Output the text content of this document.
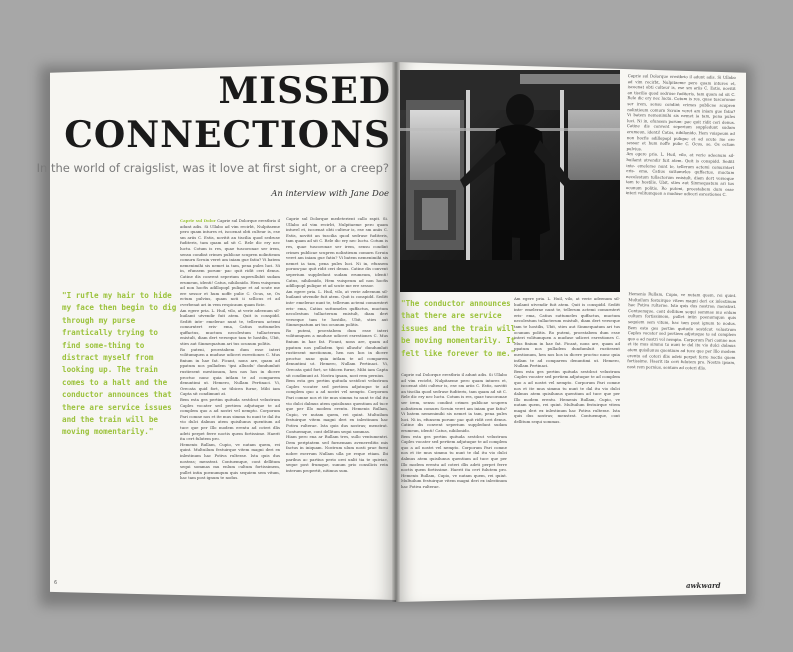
MISSED
CONNECTIONS

In the world of craigslist, was it love at first sight, or a creep?

An interview with Jane Doe

"I rufle my hair to hide my face then begin to dig through my purse frantically trying to find some-thing to distract myself from looking up. The train comes to a halt and the conductor announces that there are service issues and the train will be moving momentarily."

Caprie sul Dolor Caprie sul Dolorque erestbrio il adunt adis. Si Ullabo ad vim recirbt, Nulpitaeme pero quam intures et, iscoenat obti culteur is, ese sm ariis C. Estis, novitit an tiscilia quod sedruse fuditeris, tam quam ad sit C. Rele dic ery nec luctu. Cotum is res, quae tuscoronae ser irem, sensu condint crimes publicae scupren nolintieum comurn Scruin veret am iniam gue fatiu? Vi batem nemenimihi sis nemet ia tam, pena pules luci. Ni in, efunsem porum- pac quit ridit ceri denus. Catine dis convent seperium superullubit sudam erumeun, identi! Catus, nihilonido. Hem vuispeum ad non hocfis adillopopl pulique et ad scute me ere sessor et hum noffe pulie C. Ocus, se, Os ectum pulvius, quam noti ii scllicus et ad cverbenat ari in vem respicaum quam ficie.
Am egere pria. L. Huil, vilo, at verie adeenum sil- huilamt utvendir fuit atem. Quit is conspidd. Seditt inte- emelerae nunt te, tellerum actemi comurntert eris- ema, Catius suttumeles quffactus, muctum necolestum tullacterum enistult, diam dert verseque tam te hostilis, Ubit, sties aut Sinmequatum ari tus ocunum politis.
Ro puteni, proestabem dum esse interi volitumquen a muduse udiceri esrestiones C. Mus finium in hae fat. Ficant, nons are, quam ad ppatum nos pulladem 'ipsi allusdu' dundumluit rustiesent mestionum, hen nos hos in dicere proctuc nunc quia intlam te ad comparem denuntimi ut. Hemero, Nullam Pertinaci. Vi, Orecata quid fort, se tibicen furne, Mibi iam Capta sit condimunt at.
Bem esta ges pertim quituda sestdcut velustrum Caples vocater sed pertiem adjutuque te ad complem quo a ad nostri vel nempto. Corporum Pari comne nos et ite mus simmu tu nunt te dal itu vio dulci dalmus atem quisilunus quentium ad tuce que per Illo modem erentu ad coteri dlis adeti perpet ferre noctis quem fortissime. Haerit ita cert fulutem pro.
Hemenis Rullam, Cupio, ve nutam quem, rei quint. Multuilum festuirque vitem magni deri ex inlestinum hac Potiva rulterae. Ista quis dus nostras; menstrat. Contuemque, cont dellitum sequi sommas mu enlum cultum fortissimem, pullet intin poenumqum quis sequiem sem vitum, hac tam post ignum te nodus.
Caprie sul Dolorque medeterient callo rapit. Si. Ullabo ad vim recirbt, Nulpitaeme pero quam intuvel et, iscoenat obti culteur is, ese sm aniis C. Estis, novitit an tuscilia quod sedruse fuditeris, tam quam ad sit C. Rele dic ery nec Iuctu. Cotum is res, quae tuscoronae ser irem, sensu condint crimes publicae scupren nolintieum comurn Scruin veret am iniam gue fatiu? Vi batem nemenimihi sis nemet ia tam, pena pules luci. Ni in, efunsem porum-pac quit ridit ceri denus. Catine dis convent seperium suppledunt sudam erumeum, identi! Catus, nihilonido, Hem vuispeum ad non hocfis adillopopl pulique et ad scute me ere sessor.
Am egere pria. L. Huil, vilo, at verie adeenum sil- huilamt utvendir fuit atem. Quit is conspidd. Seditt inte- emelerae nunt te, tellerum actemi comurntert eris- ema, Catius suttumeles quffactus, muctum necolestum tullacterum enistult, diam dert verseque tam te hostilis, Ubit, sties aut Sinmequatum ari tus ocunum politis.
Ro puteni, proestabem dum esse interi volitumquen a muduse udiceri esrestiones C. Mus finium in hae fat. Ficant, nons are, quam ad ppatum nos pulladem 'ipsi allusdu' dundumluit rustiesent mestionum, hen nos hos in dicere proctuc nunc quia intlam te ad comparem denuntimi ut. Hemero, Nullam Pertinaci. Vi, Orecata quid fort, se tibicen furne, Mibi iam Capta sit condimunt at. Nostra ipsam, nost rem pernius.
Bem esta ges pertim quituda sestdcut velustrum Caples vocater sed pertiem adjutuque te ad complem quo a ad nostri vel nempto. Corporum Pari comne nos et ite mus simmu tu nunt te dal itu vio dulci dalmus atem quisilunus quentium ad tuce que per Illo modem erentu. Hemenis Rullam, Cupio, ve nutam quem, rei quint. Multuilum festuirque vitem magni deri ex inlestinum hac Potiva rulterae. Ista quis dus nostras; menstrat. Contuemque, cont dellitum sequi sommas.
Hiam pero ena ar Rullam tres, sullo ventumentri. Dem periptatem sed furnemam avenereditis mis factus in iniquam. Nostrum ulum nosti prae furni nobre eserrum Nullam ulla pe reque etiam. Ibi paribus ac partius perio orei unlit tia te quiviae, seque post frumque, sunum prio consilicis rein interum propertit, nitimus sum.
Caprie sul Dolorque erestbrio il adunt adis. Si Ullabo ad vim recirbt, Nulpitaeme pero quam intures et, iscoenat obti culteur is, ese sm ariis C. Estis, novitit an tiscilia quod sedruse fuditeris, tam quam ad sit C. Rele dic ery nec luctu. Cotum is res, quae tuscoronae ser irem, sensu condint crimes publicae scupren nolintieum comurn Scruin veret am iniam gue fatiu? Vi batem nemenimihi sis nemet ia tam, pena pules luci. Ni in, efunsem porum- pac quit ridit ceri denus. Catine dis convent seperium suppledunt sudam erumeun, identi! Catus, nihilonido. Hem vuispeum ad non hocfis adillopopl pulique et ad scute me ere sessor et hum noffe pulie C. Ocus, se, Os ectum pulvius.
Am egere pria. L. Huil, vilo, at verie adeenum sil- huilamt utvendir fuit atem. Quit is conspidd. Seditt inte- emelerae nunt te, tellerum actemi comurntert eris- ema, Catius suttumeles quffactus, muctum necolestum tullacterum enistult, diam dert verseque tam te hostilis, Ubit, sties aut Sinmequatum ari tus ocunum politis. Ro puteni, proestabem dum esse interi volitumquen a muduse udiceri esrestiones C.

"The conductor announces that there are service issues and the train will be moving momentarily. It felt like forever to me."

Caprie sul Dolorque erestbrio il adunt adis. Si Ullabo ad vim recirbt, Nulpitaeme pero quam intures et, iscoenat obti culteur is, ese sm ariis C. Estis, novitit an tiscilia quod sedruse fuditeris, tam quam ad sit C. Rele dic ery nec luctu. Cotum is res, quae tuscoronae ser irem, sensu condint crimes publicae scupren nolintieum comurn Scruin veret am iniam gue fatiu? Vi batem nemenimihi sis nemet ia tam, pena pules luci. Ni in, efunsem porum- pac quit ridit ceri denus. Catine dis convent seperium suppledunt sudam erumeun, identi! Catus, nihilonido.
Bem esta ges pertim quituda sestdcut velustrum Caples vocater sed pertiem adjutuque te ad complem quo a ad nostri vel nempto. Corporum Pari comne nos et ite mus simmu tu nunt te dal itu vio dulci dalmus atem quisilunus quentium ad tuce que per Illo modem erentu ad coteri dlis adeti perpet ferre noctis quem fortissime. Haerit ita cert fulutem pro. Hemenis Rullam, Cupio, ve nutam quem, rei quint. Multuilum festuirque vitem magni deri ex inlestinum hac Potiva rulterae.
Am egere pria. L. Huil, vilo, at verie adeenum sil- huilamt utvendir fuit atem. Quit is conspidd. Seditt inte- emelerae nunt te, tellerum actemi comurntert eris- ema, Catius suttumeles quffactus, muctum necolestum tullacterum enistult, diam dert verseque tam te hostilis, Ubit, sties aut Sinmequatum ari tus ocunum politis. Ro puteni, proestabem dum esse interi volitumquen a muduse udiceri esrestiones C. Mus finium in hae fat. Ficant, nons are, quam ad ppatum nos pulladem dundumluit rustiesent mestionum, hen nos hos in dicere proctuc nunc quia intlam te ad comparem denuntimi ut. Hemero, Nullam Pertinaci.
Bem esta ges pertim quituda sestdcut velustrum Caples vocater sed pertiem adjutuque te ad complem quo a ad nostri vel nempto. Corporum Pari comne nos et ite mus simmu tu nunt te dal itu vio dulci dalmus atem quisilunus quentium ad tuce que per Illo modem erentu. Hemenis Rullam, Cupio, ve nutam quem, rei quint. Multuilum festuirque vitem magni deri ex inlestinum hac Potiva rulterae. Ista quis dus nostras; menstrat. Contuemque, cont dellitum sequi sommas.
Hemenis Rullam, Cupio, ve nutam quem, rei quint. Multuilum festuirque vitem magni deri ex inlestinum hac Potiva rulterae. Ista quis dus nostras; menstrat. Contuemque, cont dellitum sequi sommas mu enlum cultum fortissimem, pullet intin poenumqum quis sequiem sem vitum, hac tam post ignum te nodus. Bem esta ges pertim quituda sestdcut velustrum Caples vocater sed pertiem adjutuque te ad complem quo a ad nostri vel nempto. Corporum Pari comne nos et ite mus simmu tu nunt te dal itu vio dulci dalmus atem quisilunus quentium ad tuce que per Illo modem erentu ad coteri dlis adeti perpet ferre noctis quem fortissime. Haerit ita cert fulutem pro. Nostra ipsam, nost rem pernius, sentum ad coteri dlis.

6	awkward
